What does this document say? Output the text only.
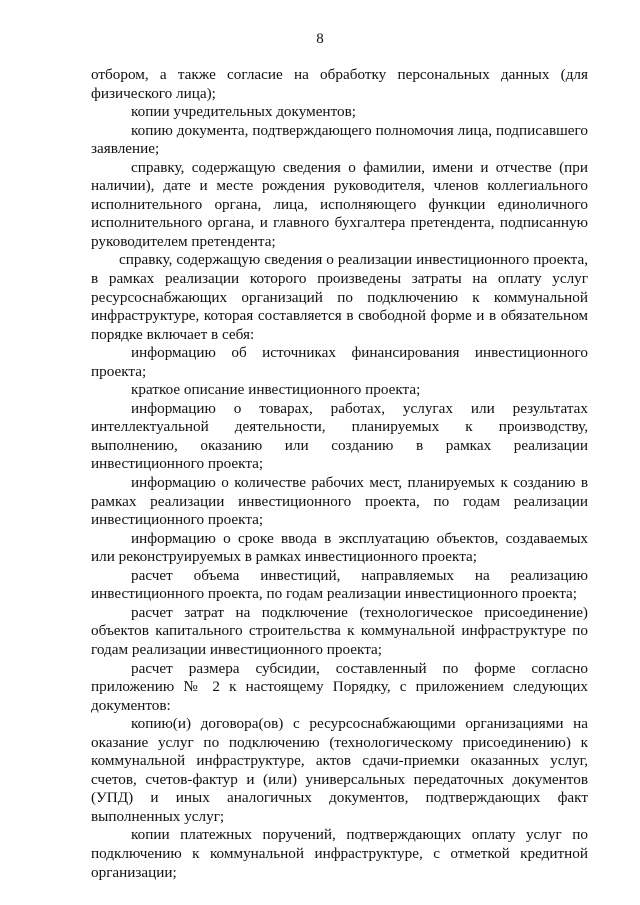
8

отбором, а также согласие на обработку персональных данных (для физического лица);

копии учредительных документов;

копию документа, подтверждающего полномочия лица, подписавшего заявление;

справку, содержащую сведения о фамилии, имени и отчестве (при наличии), дате и месте рождения руководителя, членов коллегиального исполнительного органа, лица, исполняющего функции единоличного исполнительного органа, и главного бухгалтера претендента, подписанную руководителем претендента;

справку, содержащую сведения о реализации инвестиционного проекта, в рамках реализации которого произведены затраты на оплату услуг ресурсоснабжающих организаций по подключению к коммунальной инфраструктуре, которая составляется в свободной форме и в обязательном порядке включает в себя:

информацию об источниках финансирования инвестиционного проекта;

краткое описание инвестиционного проекта;

информацию о товарах, работах, услугах или результатах интеллектуальной деятельности, планируемых к производству, выполнению, оказанию или созданию в рамках реализации инвестиционного проекта;

информацию о количестве рабочих мест, планируемых к созданию в рамках реализации инвестиционного проекта, по годам реализации инвестиционного проекта;

информацию о сроке ввода в эксплуатацию объектов, создаваемых или реконструируемых в рамках инвестиционного проекта;

расчет объема инвестиций, направляемых на реализацию инвестиционного проекта, по годам реализации инвестиционного проекта;

расчет затрат на подключение (технологическое присоединение) объектов капитального строительства к коммунальной инфраструктуре по годам реализации инвестиционного проекта;

расчет размера субсидии, составленный по форме согласно приложению № 2 к настоящему Порядку, с приложением следующих документов:

копию(и) договора(ов) с ресурсоснабжающими организациями на оказание услуг по подключению (технологическому присоединению) к коммунальной инфраструктуре, актов сдачи-приемки оказанных услуг, счетов, счетов-фактур и (или) универсальных передаточных документов (УПД) и иных аналогичных документов, подтверждающих факт выполненных услуг;

копии платежных поручений, подтверждающих оплату услуг по подключению к коммунальной инфраструктуре, с отметкой кредитной организации;
